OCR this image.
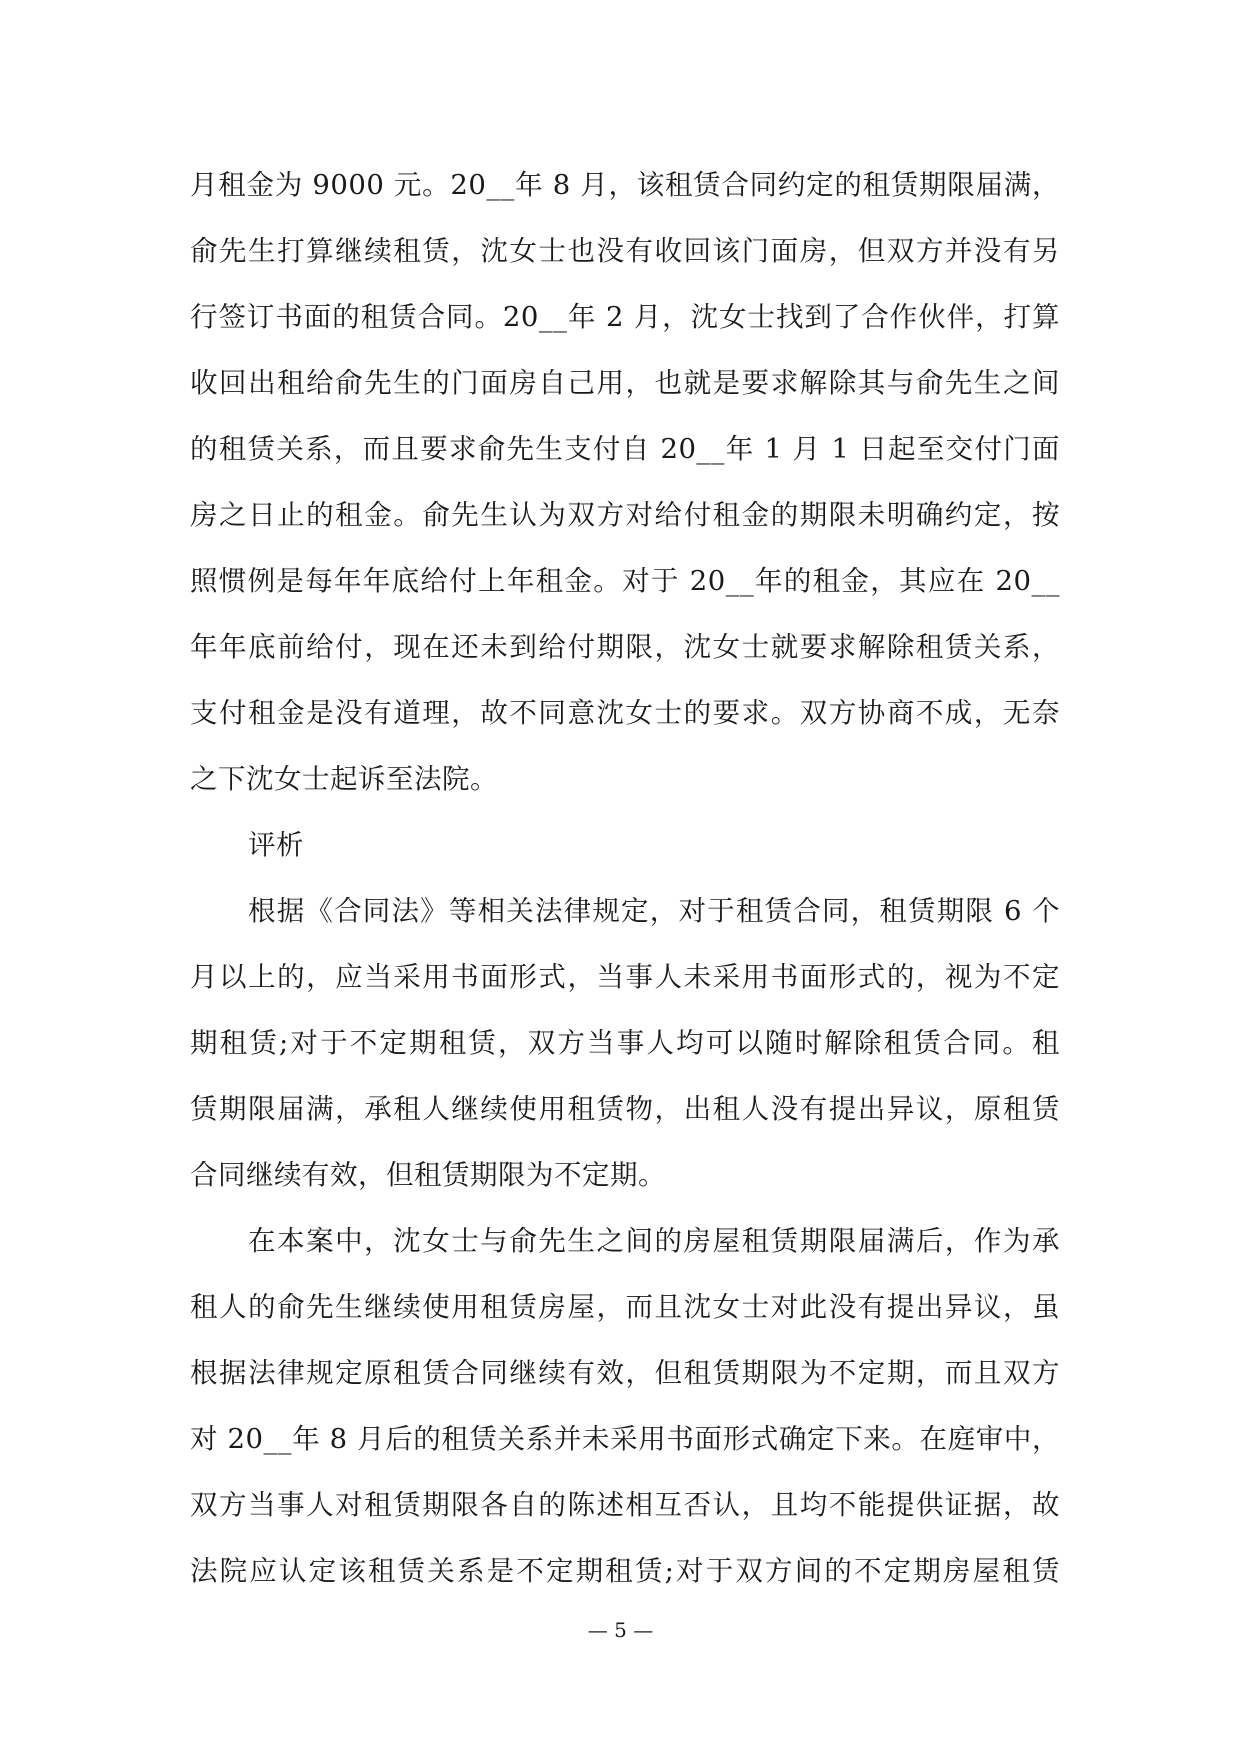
月租金为 9000 元。20__年 8 月，该租赁合同约定的租赁期限届满，
俞先生打算继续租赁，沈女士也没有收回该门面房，但双方并没有另
行签订书面的租赁合同。20__年 2 月，沈女士找到了合作伙伴，打算
收回出租给俞先生的门面房自己用，也就是要求解除其与俞先生之间
的租赁关系，而且要求俞先生支付自 20__年 1 月 1 日起至交付门面
房之日止的租金。俞先生认为双方对给付租金的期限未明确约定，按
照惯例是每年年底给付上年租金。对于 20__年的租金，其应在 20__
年年底前给付，现在还未到给付期限，沈女士就要求解除租赁关系，
支付租金是没有道理，故不同意沈女士的要求。双方协商不成，无奈
之下沈女士起诉至法院。
评析
根据《合同法》等相关法律规定，对于租赁合同，租赁期限 6 个
月以上的，应当采用书面形式，当事人未采用书面形式的，视为不定
期租赁;对于不定期租赁，双方当事人均可以随时解除租赁合同。租
赁期限届满，承租人继续使用租赁物，出租人没有提出异议，原租赁
合同继续有效，但租赁期限为不定期。
在本案中，沈女士与俞先生之间的房屋租赁期限届满后，作为承
租人的俞先生继续使用租赁房屋，而且沈女士对此没有提出异议，虽
根据法律规定原租赁合同继续有效，但租赁期限为不定期，而且双方
对 20__年 8 月后的租赁关系并未采用书面形式确定下来。在庭审中，
双方当事人对租赁期限各自的陈述相互否认，且均不能提供证据，故
法院应认定该租赁关系是不定期租赁;对于双方间的不定期房屋租赁
— 5 —
